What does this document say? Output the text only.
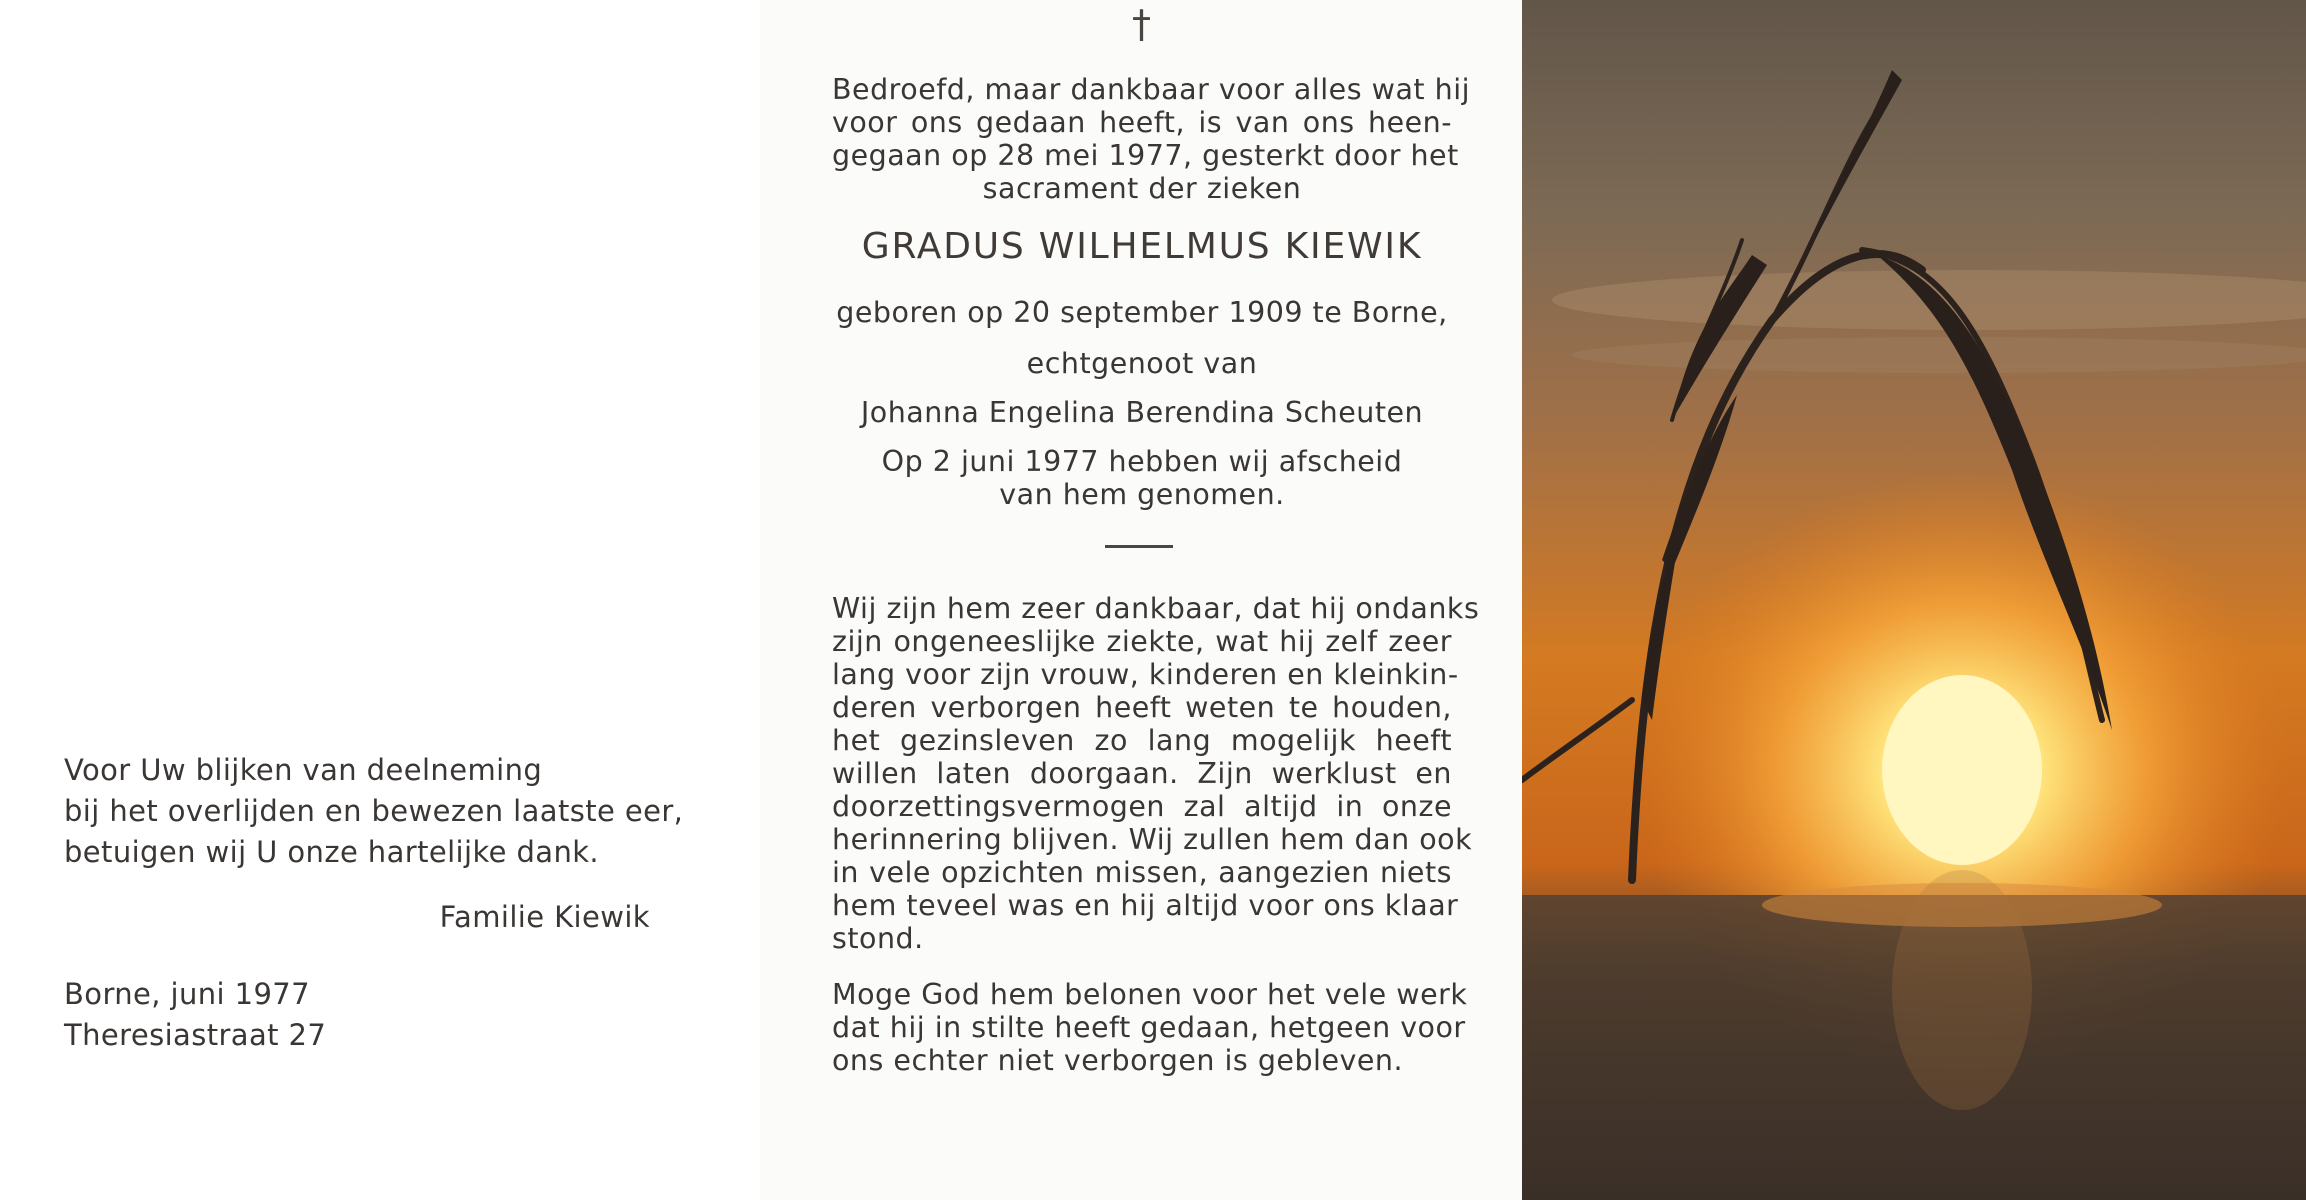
Voor Uw blijken van deelneming
bij het overlijden en bewezen laatste eer,
betuigen wij U onze hartelijke dank.
Familie Kiewik
Borne, juni 1977
Theresiastraat 27
†
Bedroefd, maar dankbaar voor alles wat hij
voor ons gedaan heeft, is van ons heen-
gegaan op 28 mei 1977, gesterkt door het
sacrament der zieken
GRADUS WILHELMUS KIEWIK
geboren op 20 september 1909 te Borne,
echtgenoot van
Johanna Engelina Berendina Scheuten
Op 2 juni 1977 hebben wij afscheid
van hem genomen.
Wij zijn hem zeer dankbaar, dat hij ondanks
zijn ongeneeslijke ziekte, wat hij zelf zeer
lang voor zijn vrouw, kinderen en kleinkin-
deren verborgen heeft weten te houden,
het gezinsleven zo lang mogelijk heeft
willen laten doorgaan. Zijn werklust en
doorzettingsvermogen zal altijd in onze
herinnering blijven. Wij zullen hem dan ook
in vele opzichten missen, aangezien niets
hem teveel was en hij altijd voor ons klaar
stond.
Moge God hem belonen voor het vele werk
dat hij in stilte heeft gedaan, hetgeen voor
ons echter niet verborgen is gebleven.
